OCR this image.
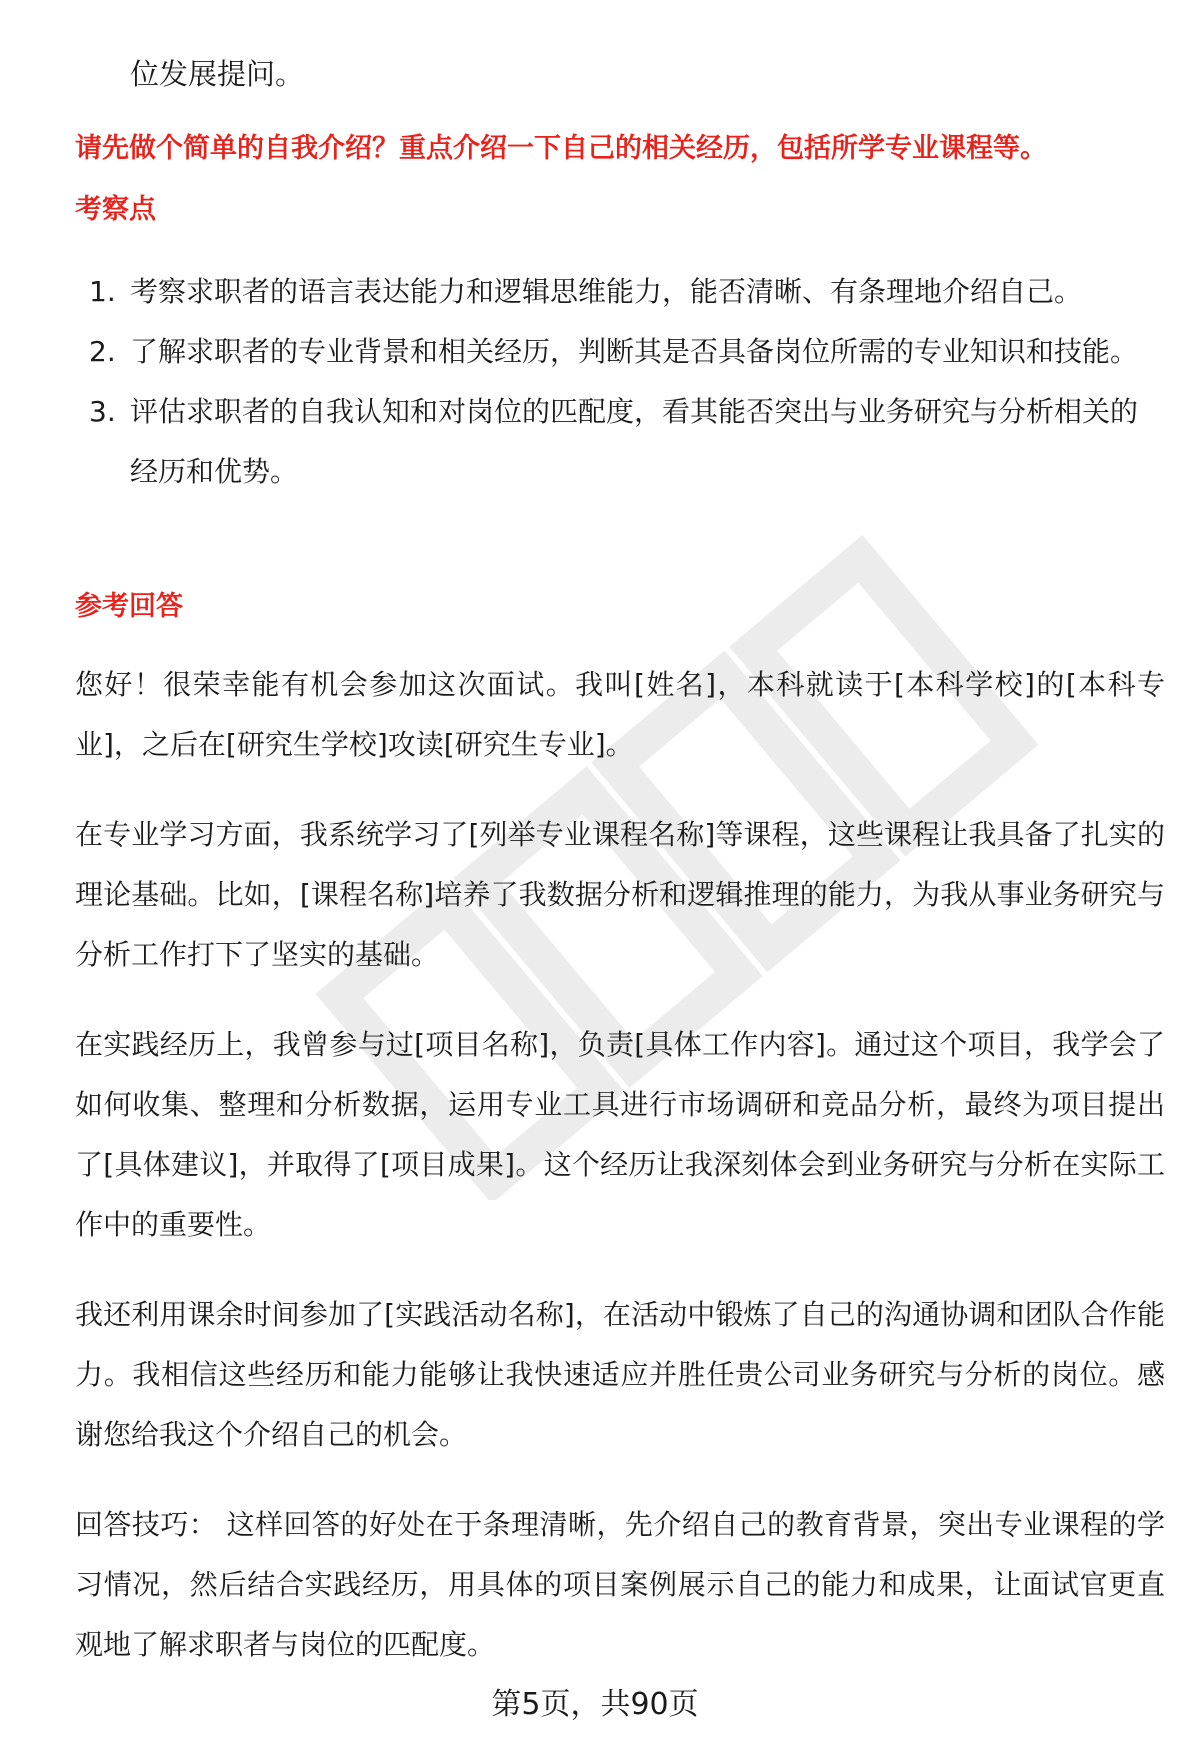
位发展提问。
请先做个简单的自我介绍？重点介绍一下自己的相关经历，包括所学专业课程等。
考察点
1. 考察求职者的语言表达能力和逻辑思维能力，能否清晰、有条理地介绍自己。
2. 了解求职者的专业背景和相关经历，判断其是否具备岗位所需的专业知识和技能。
3. 评估求职者的自我认知和对岗位的匹配度，看其能否突出与业务研究与分析相关的经历和优势。
参考回答

您好！很荣幸能有机会参加这次面试。我叫[姓名]，本科就读于[本科学校]的[本科专业]，之后在[研究生学校]攻读[研究生专业]。

在专业学习方面，我系统学习了[列举专业课程名称]等课程，这些课程让我具备了扎实的理论基础。比如，[课程名称]培养了我数据分析和逻辑推理的能力，为我从事业务研究与分析工作打下了坚实的基础。

在实践经历上，我曾参与过[项目名称]，负责[具体工作内容]。通过这个项目，我学会了如何收集、整理和分析数据，运用专业工具进行市场调研和竞品分析，最终为项目提出了[具体建议]，并取得了[项目成果]。这个经历让我深刻体会到业务研究与分析在实际工作中的重要性。

我还利用课余时间参加了[实践活动名称]，在活动中锻炼了自己的沟通协调和团队合作能力。我相信这些经历和能力能够让我快速适应并胜任贵公司业务研究与分析的岗位。感谢您给我这个介绍自己的机会。

回答技巧： 这样回答的好处在于条理清晰，先介绍自己的教育背景，突出专业课程的学习情况，然后结合实践经历，用具体的项目案例展示自己的能力和成果，让面试官更直观地了解求职者与岗位的匹配度。

第5页，共90页
